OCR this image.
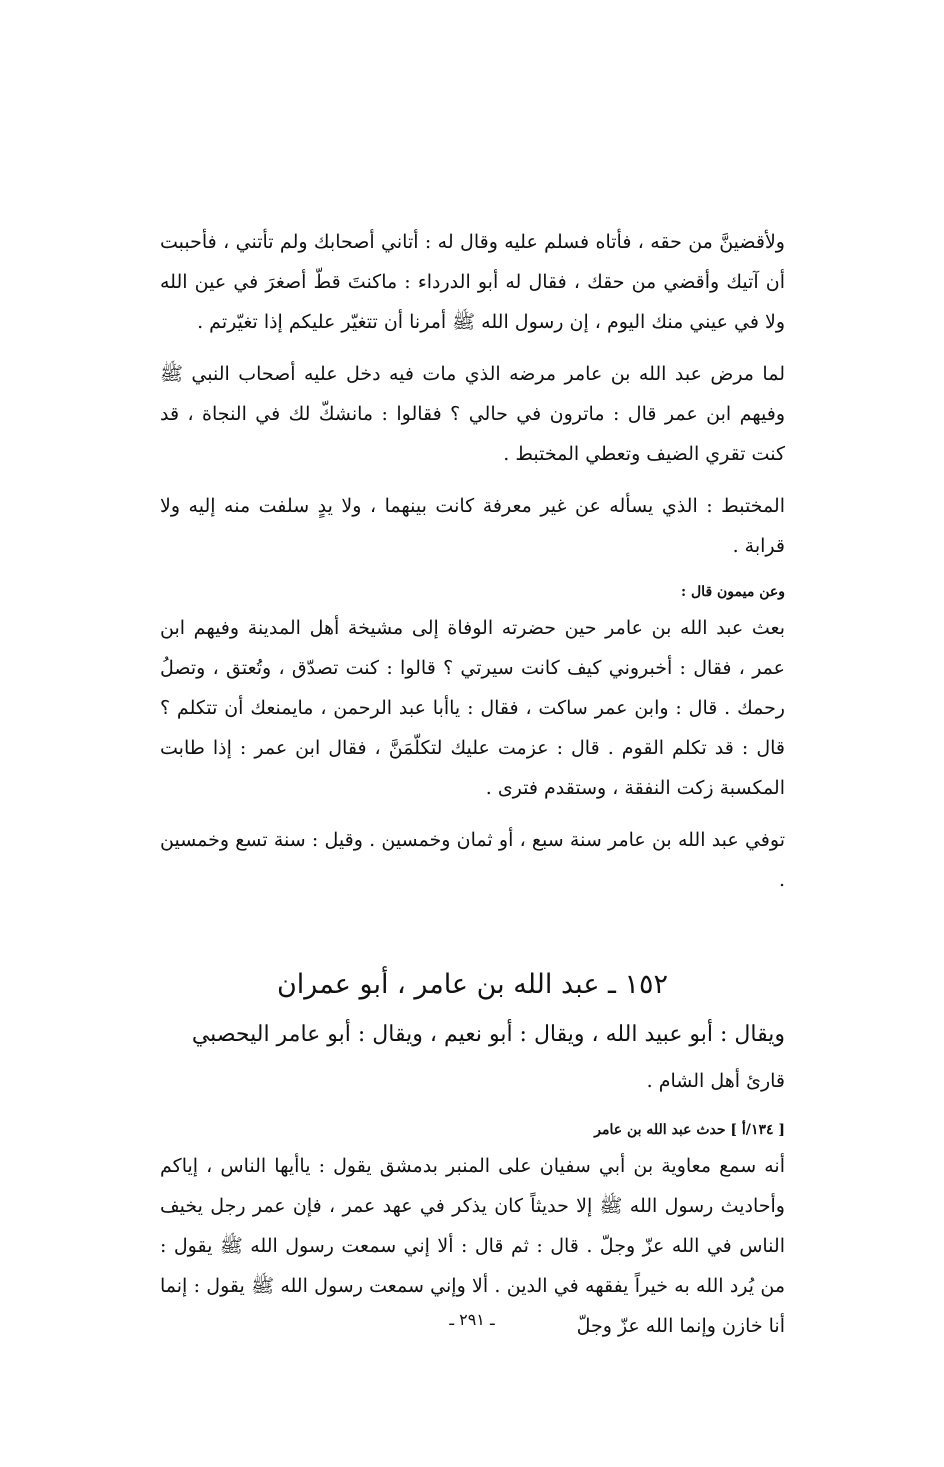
ولأقضينَّ من حقه ، فأتاه فسلم عليه وقال له : أتاني أصحابك ولم تأتني ، فأحببت أن آتيك وأقضي من حقك ، فقال له أبو الدرداء : ماكنتَ قطّ أصغرَ في عين الله ولا في عيني منك اليوم ، إن رسول الله ﷺ أمرنا أن تتغيّر عليكم إذا تغيّرتم .

لما مرض عبد الله بن عامر مرضه الذي مات فيه دخل عليه أصحاب النبي ﷺ وفيهم ابن عمر قال : ماترون في حالي ؟ فقالوا : مانشكّ لك في النجاة ، قد كنت تقري الضيف وتعطي المختبط .

المختبط : الذي يسأله عن غير معرفة كانت بينهما ، ولا يدٍ سلفت منه إليه ولا قرابة .

وعن ميمون قال :

بعث عبد الله بن عامر حين حضرته الوفاة إلى مشيخة أهل المدينة وفيهم ابن عمر ، فقال : أخبروني كيف كانت سيرتي ؟ قالوا : كنت تصدّق ، وتُعتق ، وتصلُ رحمك . قال : وابن عمر ساكت ، فقال : ياأبا عبد الرحمن ، مايمنعك أن تتكلم ؟ قال : قد تكلم القوم . قال : عزمت عليك لتكلّمَنَّ ، فقال ابن عمر : إذا طابت المكسبة زكت النفقة ، وستقدم فترى .

توفي عبد الله بن عامر سنة سبع ، أو ثمان وخمسين . وقيل : سنة تسع وخمسين .

١٥٢ ـ عبد الله بن عامر ، أبو عمران

ويقال : أبو عبيد الله ، ويقال : أبو نعيم ، ويقال : أبو عامر اليحصبي

قارئ أهل الشام .

[ ١٣٤/أ ] حدث عبد الله بن عامر

أنه سمع معاوية بن أبي سفيان على المنبر بدمشق يقول : ياأيها الناس ، إياكم وأحاديث رسول الله ﷺ إلا حديثاً كان يذكر في عهد عمر ، فإن عمر رجل يخيف الناس في الله عزّ وجلّ . قال : ثم قال : ألا إني سمعت رسول الله ﷺ يقول : من يُرد الله به خيراً يفقهه في الدين . ألا وإني سمعت رسول الله ﷺ يقول : إنما أنا خازن وإنما الله عزّ وجلّ

ـ ٢٩١ ـ
